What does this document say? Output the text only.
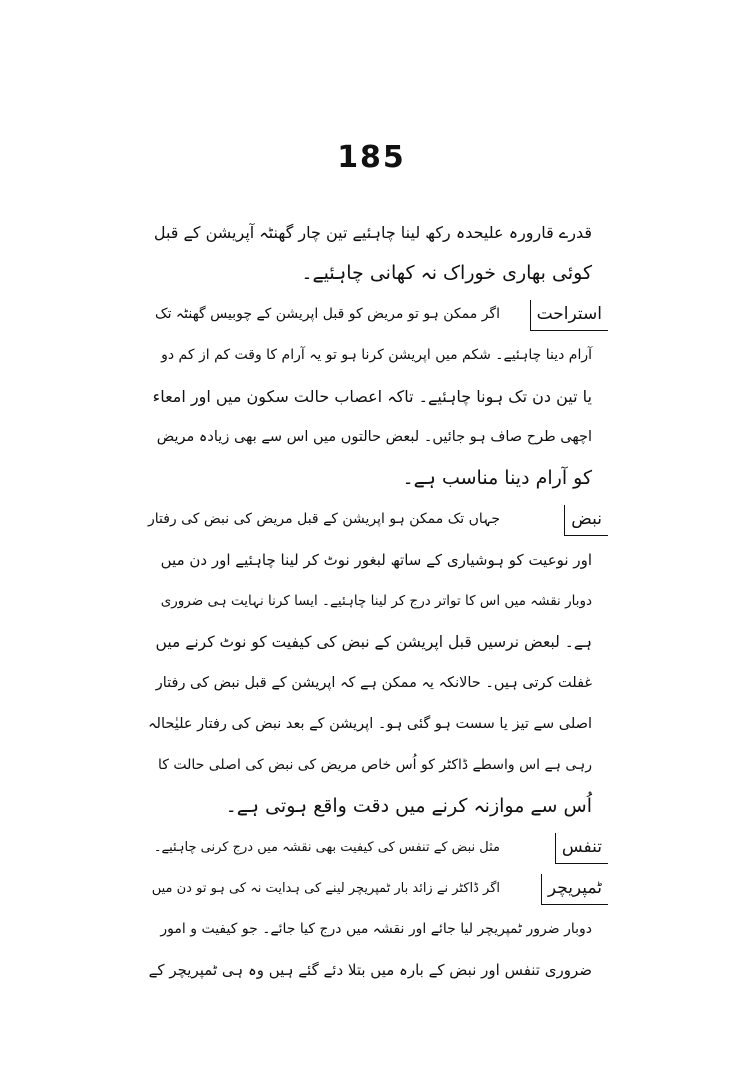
185
قدرے قارورہ علیحدہ رکھ لینا چاہئیے تین چار گھنٹہ آپریشن کے قبل
کوئی بھاری خوراک نہ کھانی چاہئیے۔
استراحت
اگر ممکن ہو تو مریض کو قبل اپریشن کے چوبیس گھنٹہ تک
آرام دینا چاہئیے۔ شکم میں اپریشن کرنا ہو تو یہ آرام کا وقت کم از کم دو
یا تین دن تک ہونا چاہئیے۔ تاکہ اعصاب حالت سکون میں اور امعاء
اچھی طرح صاف ہو جائیں۔ لبعض حالتوں میں اس سے بھی زیادہ مریض
کو آرام دینا مناسب ہے۔
نبض
جہاں تک ممکن ہو اپریشن کے قبل مریض کی نبض کی رفتار
اور نوعیت کو ہوشیاری کے ساتھ لبغور نوٹ کر لینا چاہئیے اور دن میں
دوبار نقشہ میں اس کا تواتر درج کر لینا چاہئیے۔ ایسا کرنا نہایت ہی ضروری
ہے۔ لبعض نرسیں قبل اپریشن کے نبض کی کیفیت کو نوٹ کرنے میں
غفلت کرتی ہیں۔ حالانکہ یہ ممکن ہے کہ اپریشن کے قبل نبض کی رفتار
اصلی سے تیز یا سست ہو گئی ہو۔ اپریشن کے بعد نبض کی رفتار علیٰحالہ
رہی ہے اس واسطے ڈاکٹر کو اُس خاص مریض کی نبض کی اصلی حالت کا
اُس سے موازنہ کرنے میں دقت واقع ہوتی ہے۔
تنفس
مثل نبض کے تنفس کی کیفیت بھی نقشہ میں درج کرنی چاہئیے۔
ٹمپریچر
اگر ڈاکٹر نے زائد بار ٹمپریچر لینے کی ہدایت نہ کی ہو تو دن میں
دوبار ضرور ٹمپریچر لیا جائے اور نقشہ میں درج کیا جائے۔ جو کیفیت و امور
ضروری تنفس اور نبض کے بارہ میں بتلا دئے گئے ہیں وہ ہی ٹمپریچر کے
